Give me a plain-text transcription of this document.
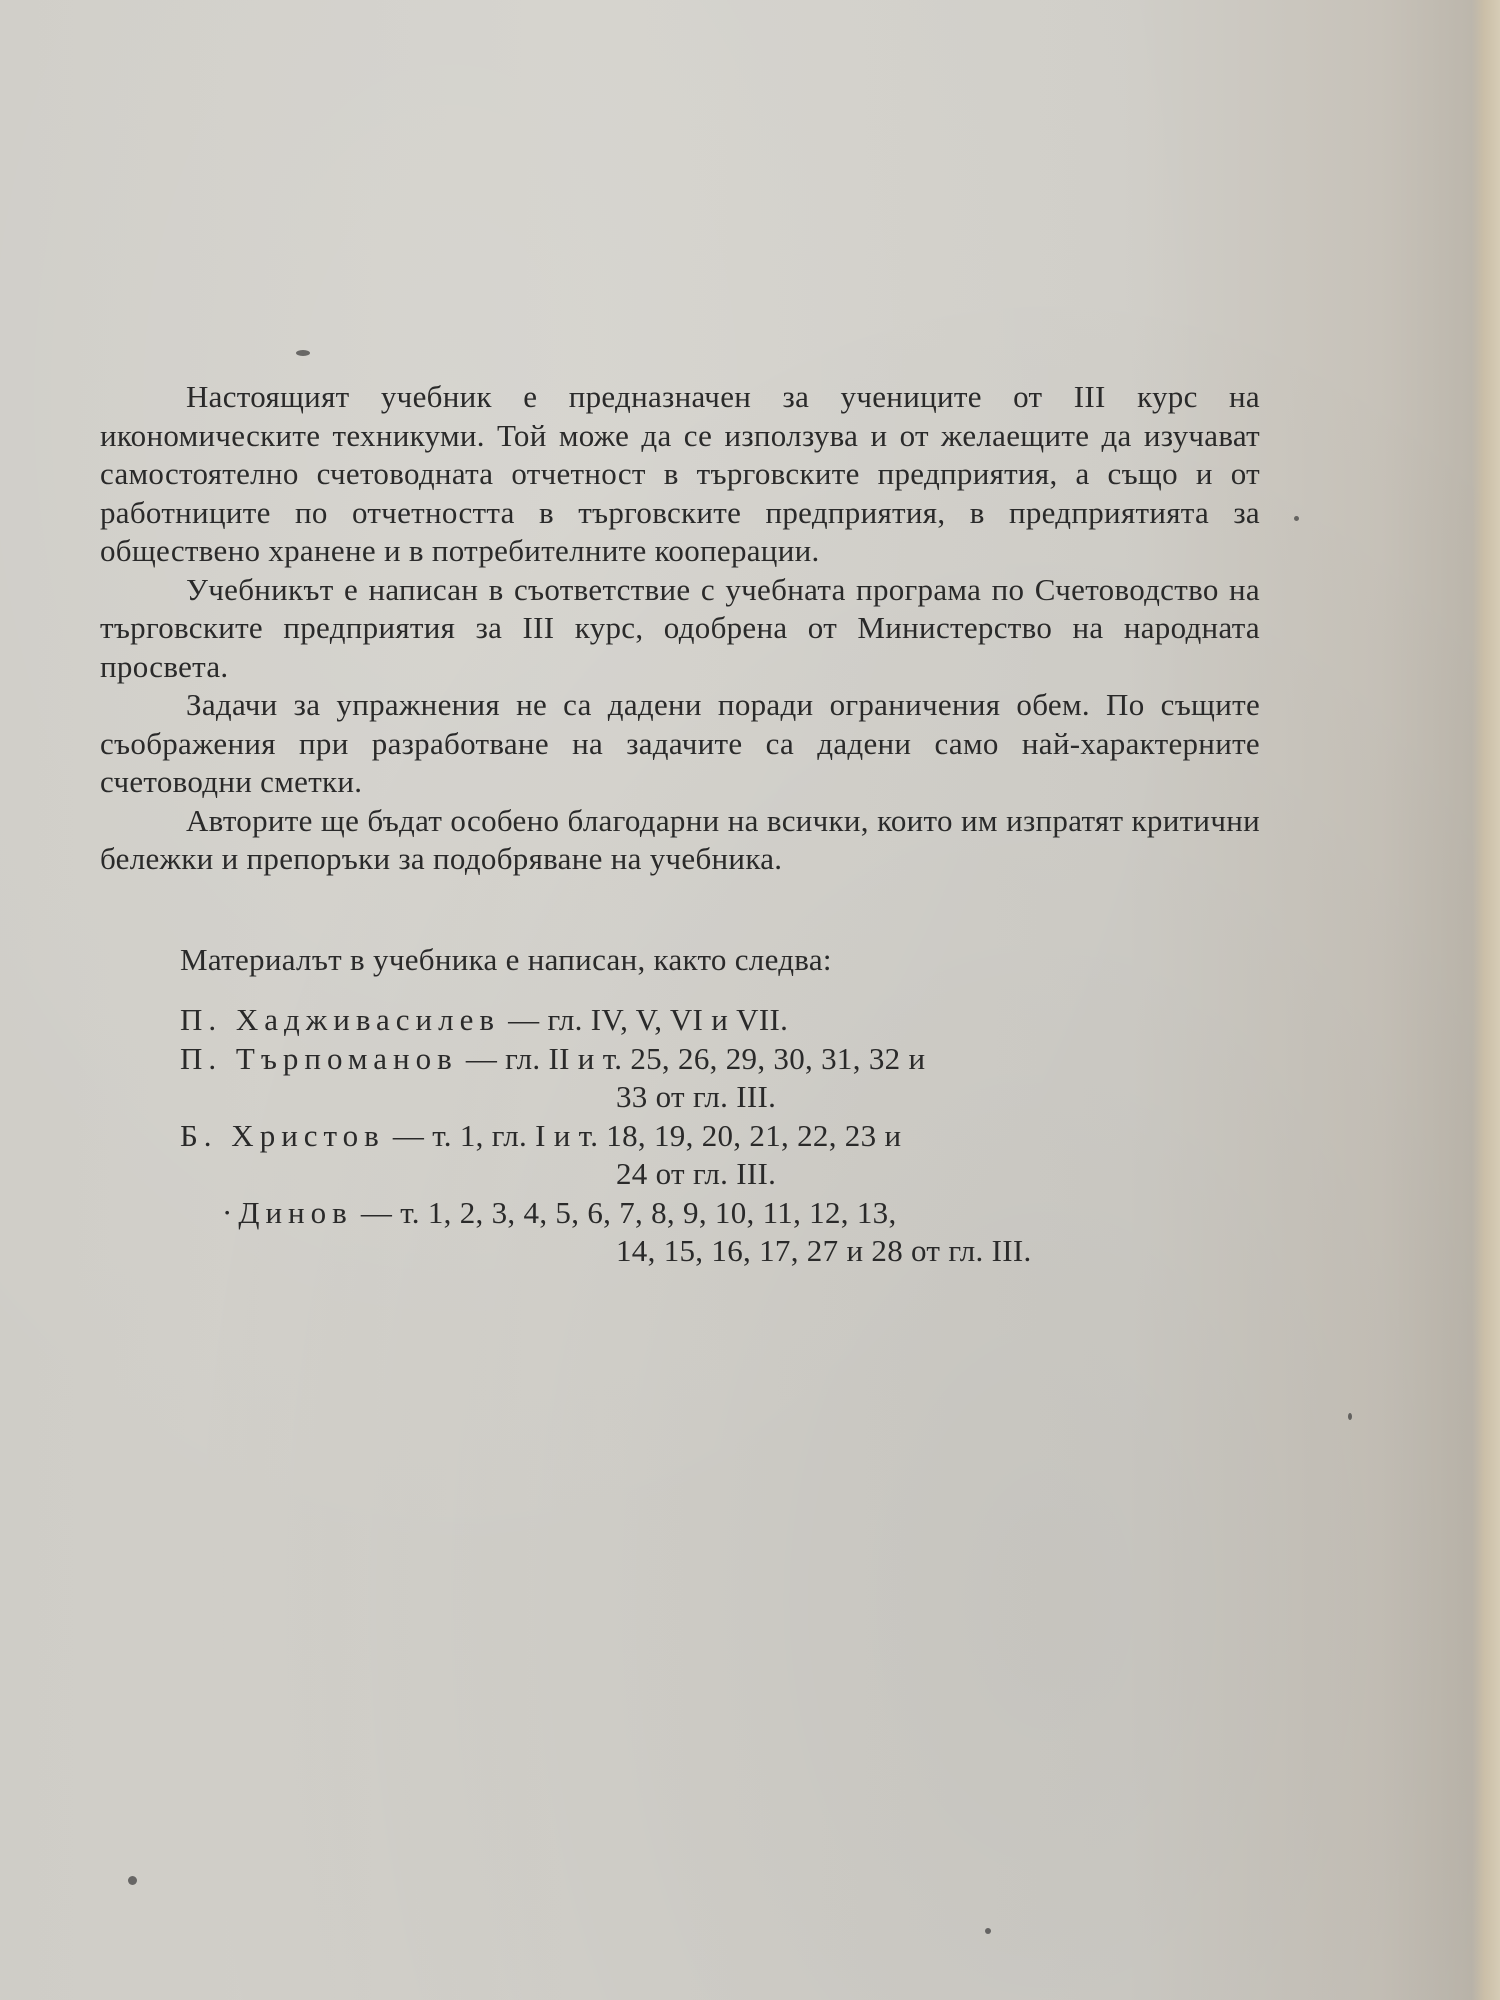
Настоящият учебник е предназначен за учениците от III курс на икономическите техникуми. Той може да се използува и от желаещите да изучават самостоятелно счетоводната отчетност в търговските предприятия, а също и от работниците по отчетността в търговските предприятия, в предприятията за обществено хранене и в потребителните кооперации.

Учебникът е написан в съответствие с учебната програма по Счетоводство на търговските предприятия за III курс, одобрена от Министерство на народната просвета.

Задачи за упражнения не са дадени поради ограничения обем. По същите съображения при разработване на задачите са дадени само най-характерните счетоводни сметки.

Авторите ще бъдат особено благодарни на всички, които им изпратят критични бележки и препоръки за подобряване на учебника.

Материалът в учебника е написан, както следва:

П. Хадживасилев — гл. IV, V, VI и VII.

П. Търпоманов — гл. II и т. 25, 26, 29, 30, 31, 32 и

33 от гл. III.

Б. Христов — т. 1, гл. I и т. 18, 19, 20, 21, 22, 23 и

24 от гл. III.

·Динов — т. 1, 2, 3, 4, 5, 6, 7, 8, 9, 10, 11, 12, 13,

14, 15, 16, 17, 27 и 28 от гл. III.
